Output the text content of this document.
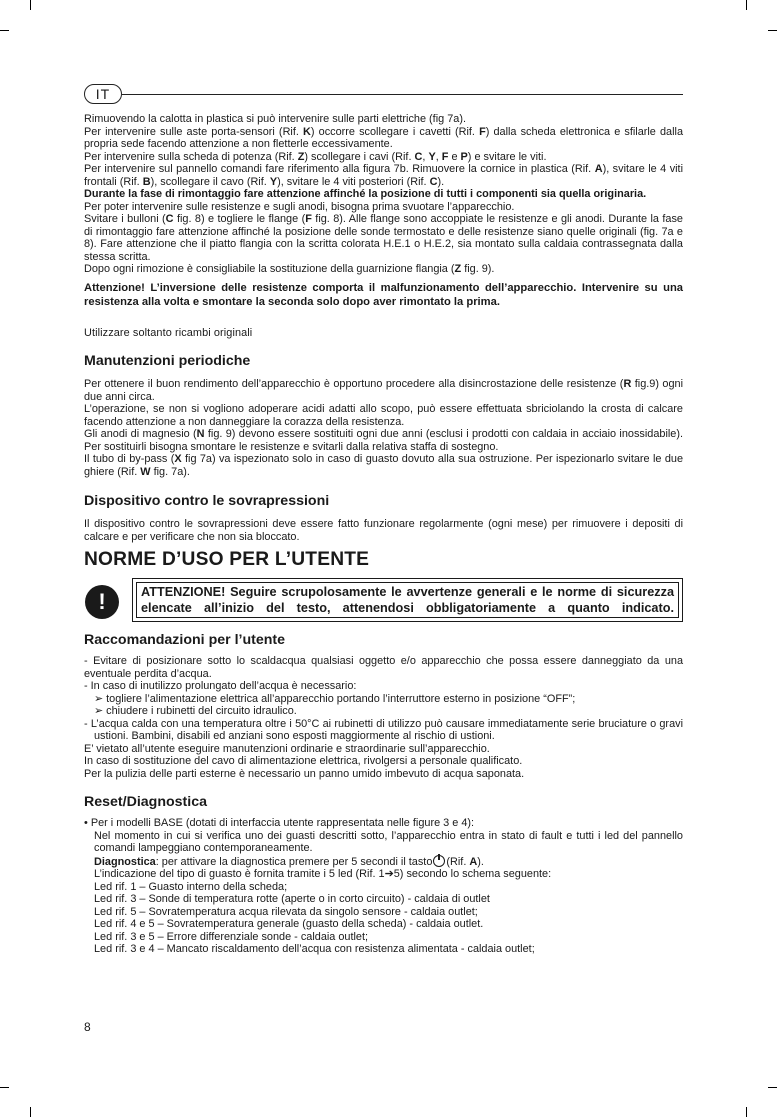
IT

Rimuovendo la calotta in plastica si può intervenire sulle parti elettriche (fig 7a).

Per intervenire sulle aste porta-sensori (Rif. K) occorre scollegare i cavetti (Rif. F) dalla scheda elettronica e sfilarle dalla propria sede facendo attenzione a non fletterle eccessivamente.

Per intervenire sulla scheda di potenza (Rif. Z) scollegare i cavi (Rif. C, Y, F e P) e svitare le viti.

Per intervenire sul pannello comandi fare riferimento alla figura 7b. Rimuovere la cornice in plastica (Rif. A), svitare le 4 viti frontali (Rif. B), scollegare il cavo (Rif. Y), svitare le 4 viti posteriori (Rif. C).

Durante la fase di rimontaggio fare attenzione affinché la posizione di tutti i componenti sia quella originaria.

Per poter intervenire sulle resistenze e sugli anodi, bisogna prima svuotare l’apparecchio.

Svitare i bulloni (C fig. 8) e togliere le flange (F fig. 8). Alle flange sono accoppiate le resistenze e gli anodi. Durante la fase di rimontaggio fare attenzione affinché la posizione delle sonde termostato e delle resistenze siano quelle originali (fig. 7a e 8). Fare attenzione che il piatto flangia con la scritta colorata H.E.1 o H.E.2, sia montato sulla caldaia contrassegnata dalla stessa scritta.

Dopo ogni rimozione è consigliabile la sostituzione della guarnizione flangia (Z fig. 9).

Attenzione! L’inversione delle resistenze comporta il malfunzionamento dell’apparecchio. Intervenire su una resistenza alla volta e smontare la seconda solo dopo aver rimontato la prima.

Utilizzare soltanto ricambi originali

Manutenzioni periodiche

Per ottenere il buon rendimento dell’apparecchio è opportuno procedere alla disincrostazione delle resistenze (R fig.9) ogni due anni circa.

L’operazione, se non si vogliono adoperare acidi adatti allo scopo, può essere effettuata sbriciolando la crosta di calcare facendo attenzione a non danneggiare la corazza della resistenza.

Gli anodi di magnesio (N fig. 9) devono essere sostituiti ogni due anni (esclusi i prodotti con caldaia in acciaio inossidabile). Per sostituirli bisogna smontare le resistenze e svitarli dalla relativa staffa di sostegno.

Il tubo di by-pass (X fig 7a) va ispezionato solo in caso di guasto dovuto alla sua ostruzione. Per ispezionarlo svitare le due ghiere (Rif. W fig. 7a).

Dispositivo contro le sovrapressioni

Il dispositivo contro le sovrapressioni deve essere fatto funzionare regolarmente (ogni mese) per rimuovere i depositi di calcare e per verificare che non sia bloccato.

NORME D’USO PER L’UTENTE

!	ATTENZIONE! Seguire scrupolosamente le avvertenze generali e le norme di sicurezza
elencate all’inizio del testo, attenendosi obbligatoriamente a quanto indicato.

Raccomandazioni per l’utente

- Evitare di posizionare sotto lo scaldacqua qualsiasi oggetto e/o apparecchio che possa essere danneggiato da una eventuale perdita d’acqua.

- In caso di inutilizzo prolungato dell’acqua è necessario:

➢ togliere l’alimentazione elettrica all’apparecchio portando l’interruttore esterno in posizione “OFF”;

➢ chiudere i rubinetti del circuito idraulico.

- L’acqua calda con una temperatura oltre i 50°C ai rubinetti di utilizzo può causare immediatamente serie bruciature o gravi ustioni. Bambini, disabili ed anziani sono esposti maggiormente al rischio di ustioni.

E’ vietato all’utente eseguire manutenzioni ordinarie e straordinarie sull’apparecchio.

In caso di sostituzione del cavo di alimentazione elettrica, rivolgersi a personale qualificato.

Per la pulizia delle parti esterne è necessario un panno umido imbevuto di acqua saponata.

Reset/Diagnostica

• Per i modelli BASE (dotati di interfaccia utente rappresentata nelle figure 3 e 4):

Nel momento in cui si verifica uno dei guasti descritti sotto, l’apparecchio entra in stato di fault e tutti i led del pannello comandi lampeggiano contemporaneamente.

Diagnostica: per attivare la diagnostica premere per 5 secondi il tasto (Rif. A).

L’indicazione del tipo di guasto è fornita tramite i 5 led (Rif. 1➔5) secondo lo schema seguente:

Led rif. 1 – Guasto interno della scheda;

Led rif. 3 – Sonde di temperatura rotte (aperte o in corto circuito) - caldaia di outlet

Led rif. 5 – Sovratemperatura acqua rilevata da singolo sensore - caldaia outlet;

Led rif. 4 e 5 – Sovratemperatura generale (guasto della scheda) - caldaia outlet.

Led rif. 3 e 5 – Errore differenziale sonde - caldaia outlet;

Led rif. 3 e 4 – Mancato riscaldamento dell’acqua con resistenza alimentata - caldaia outlet;

8
